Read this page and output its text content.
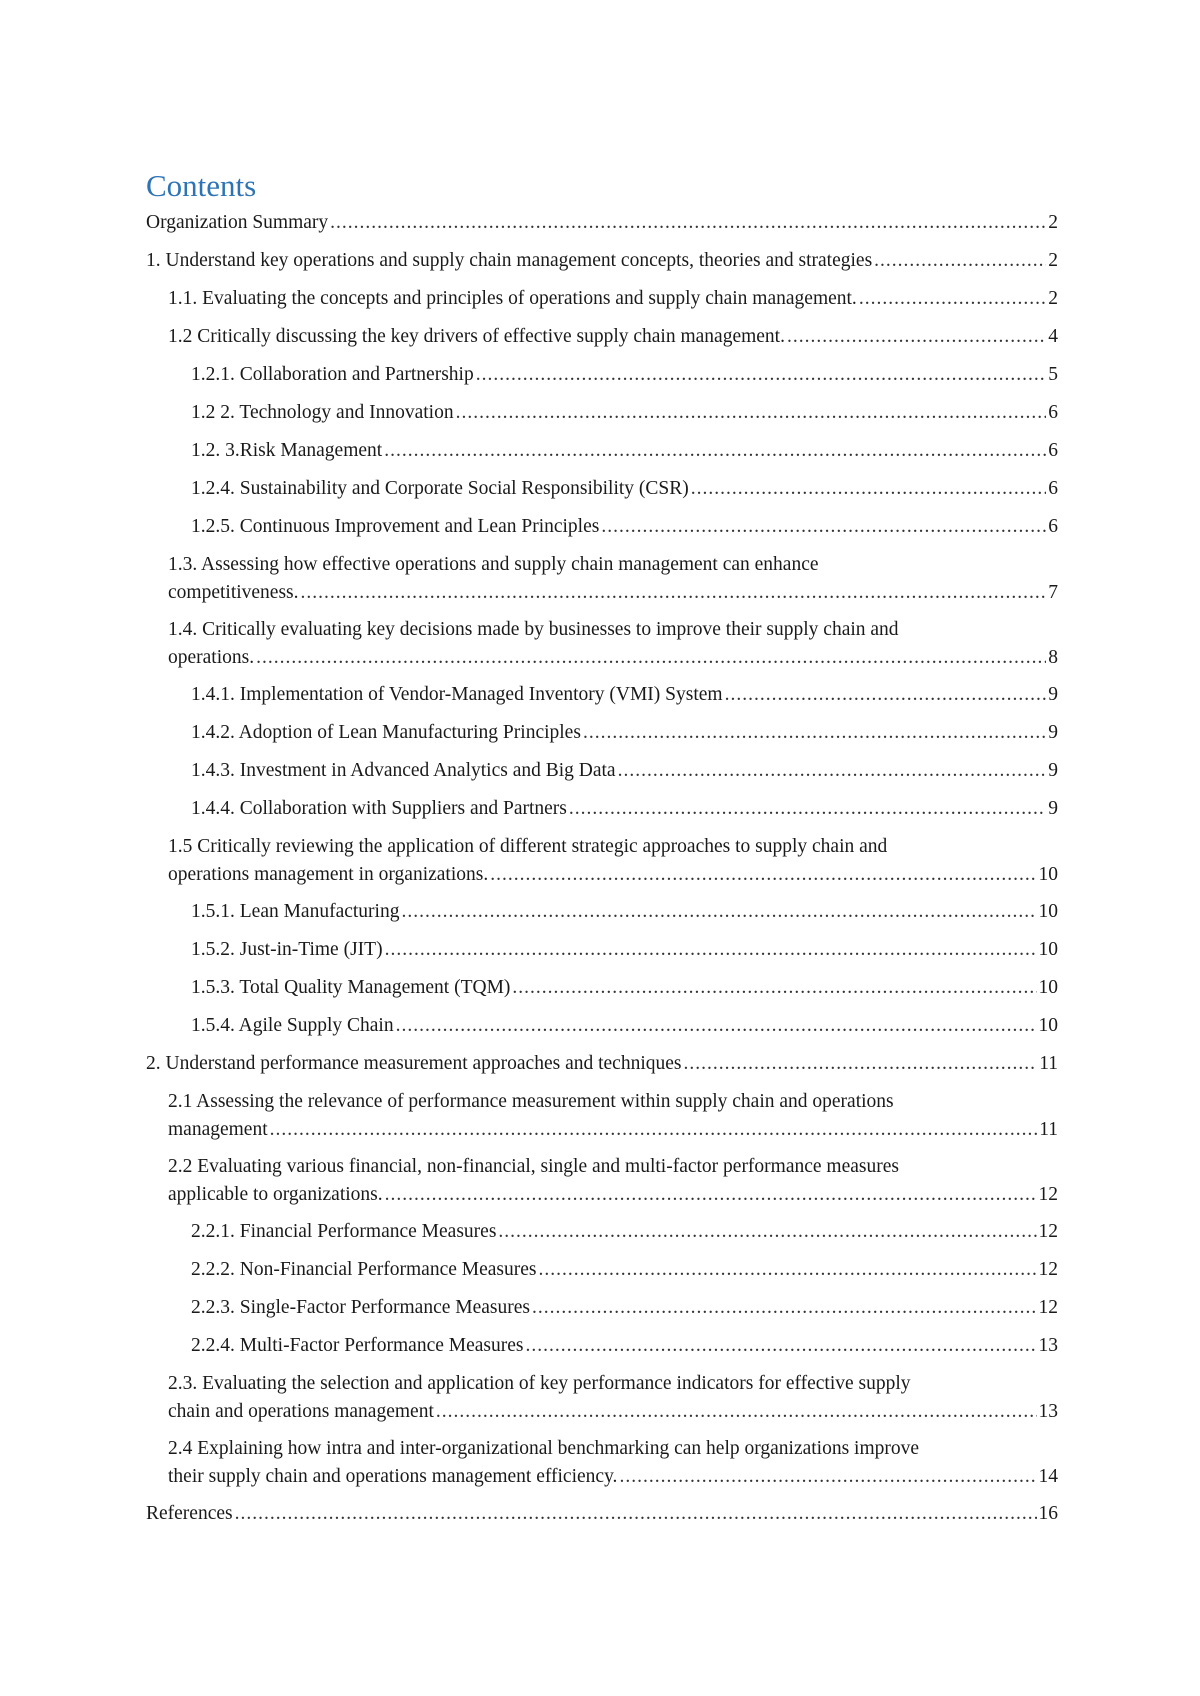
Contents
Organization Summary .....	2
1. Understand key operations and supply chain management concepts, theories and strategies .....	2
1.1. Evaluating the concepts and principles of operations and supply chain management. .....	2
1.2 Critically discussing the key drivers of effective supply chain management. .....	4
1.2.1. Collaboration and Partnership .....	5
1.2 2. Technology and Innovation .....	6
1.2. 3.Risk Management .....	6
1.2.4. Sustainability and Corporate Social Responsibility (CSR) .....	6
1.2.5. Continuous Improvement and Lean Principles .....	6
1.3. Assessing how effective operations and supply chain management can enhance
competitiveness. .....	7
1.4. Critically evaluating key decisions made by businesses to improve their supply chain and
operations. .....	8
1.4.1. Implementation of Vendor-Managed Inventory (VMI) System .....	9
1.4.2. Adoption of Lean Manufacturing Principles .....	9
1.4.3. Investment in Advanced Analytics and Big Data .....	9
1.4.4. Collaboration with Suppliers and Partners .....	9
1.5 Critically reviewing the application of different strategic approaches to supply chain and
operations management in organizations. .....	10
1.5.1. Lean Manufacturing .....	10
1.5.2. Just-in-Time (JIT) .....	10
1.5.3. Total Quality Management (TQM) .....	10
1.5.4. Agile Supply Chain .....	10
2. Understand performance measurement approaches and techniques .....	11
2.1 Assessing the relevance of performance measurement within supply chain and operations
management .....	11
2.2 Evaluating various financial, non-financial, single and multi-factor performance measures
applicable to organizations. .....	12
2.2.1. Financial Performance Measures .....	12
2.2.2. Non-Financial Performance Measures .....	12
2.2.3. Single-Factor Performance Measures .....	12
2.2.4. Multi-Factor Performance Measures .....	13
2.3. Evaluating the selection and application of key performance indicators for effective supply
chain and operations management .....	13
2.4 Explaining how intra and inter-organizational benchmarking can help organizations improve
their supply chain and operations management efficiency. .....	14
References .....	16
